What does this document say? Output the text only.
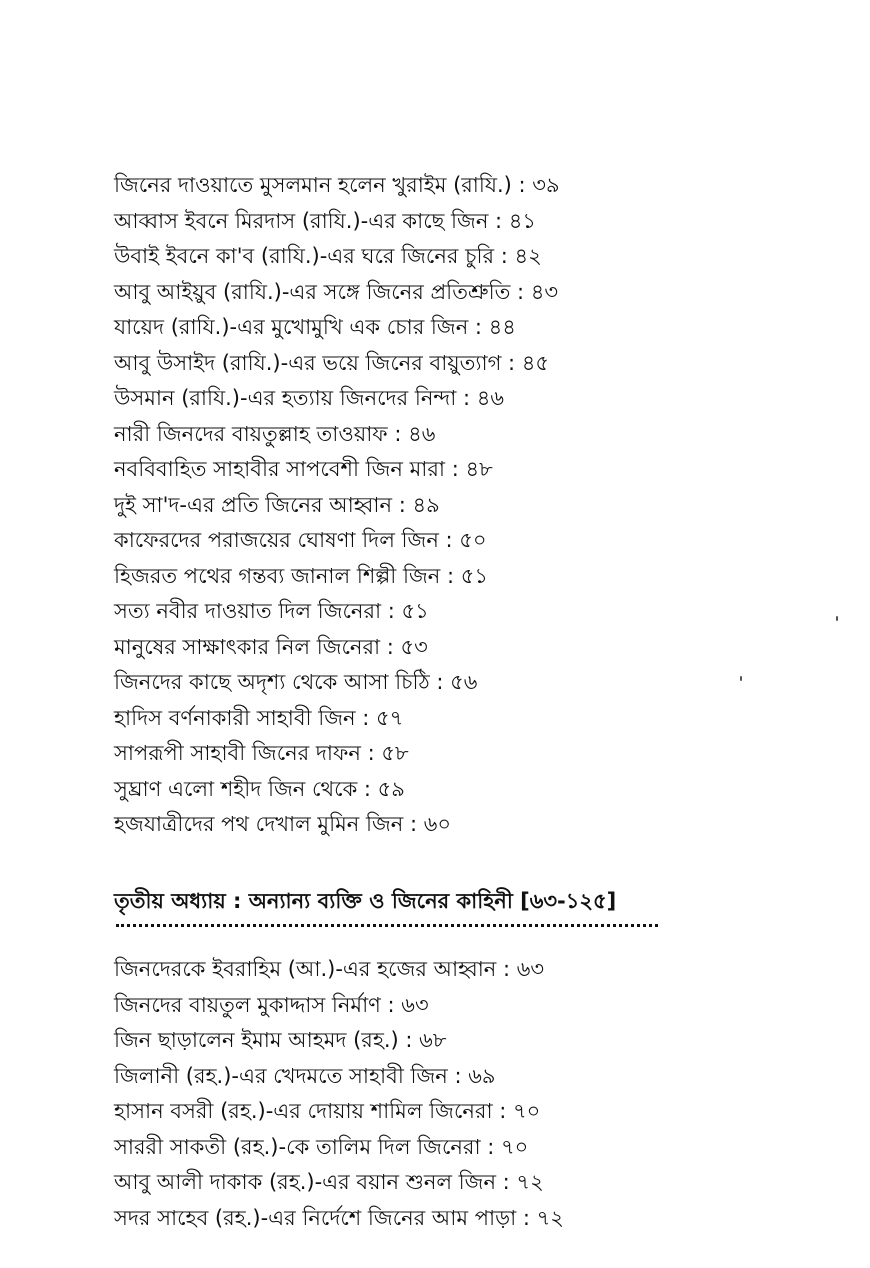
জিনের দাওয়াতে মুসলমান হলেন খুরাইম (রাযি.) : ৩৯
আব্বাস ইবনে মিরদাস (রাযি.)-এর কাছে জিন : ৪১
উবাই ইবনে কা'ব (রাযি.)-এর ঘরে জিনের চুরি : ৪২
আবু আইয়ুব (রাযি.)-এর সঙ্গে জিনের প্রতিশ্রুতি : ৪৩
যায়েদ (রাযি.)-এর মুখোমুখি এক চোর জিন : ৪৪
আবু উসাইদ (রাযি.)-এর ভয়ে জিনের বায়ুত্যাগ : ৪৫
উসমান (রাযি.)-এর হত্যায় জিনদের নিন্দা : ৪৬
নারী জিনদের বায়তুল্লাহ তাওয়াফ : ৪৬
নববিবাহিত সাহাবীর সাপবেশী জিন মারা : ৪৮
দুই সা'দ-এর প্রতি জিনের আহ্বান : ৪৯
কাফেরদের পরাজয়ের ঘোষণা দিল জিন : ৫০
হিজরত পথের গন্তব্য জানাল শিল্পী জিন : ৫১
সত্য নবীর দাওয়াত দিল জিনেরা : ৫১
মানুষের সাক্ষাৎকার নিল জিনেরা : ৫৩
জিনদের কাছে অদৃশ্য থেকে আসা চিঠি : ৫৬
হাদিস বর্ণনাকারী সাহাবী জিন : ৫৭
সাপরূপী সাহাবী জিনের দাফন : ৫৮
সুঘ্রাণ এলো শহীদ জিন থেকে : ৫৯
হজযাত্রীদের পথ দেখাল মুমিন জিন : ৬০
তৃতীয় অধ্যায় : অন্যান্য ব্যক্তি ও জিনের কাহিনী [৬৩-১২৫]
জিনদেরকে ইবরাহিম (আ.)-এর হজের আহ্বান : ৬৩
জিনদের বায়তুল মুকাদ্দাস নির্মাণ : ৬৩
জিন ছাড়ালেন ইমাম আহমদ (রহ.) : ৬৮
জিলানী (রহ.)-এর খেদমতে সাহাবী জিন : ৬৯
হাসান বসরী (রহ.)-এর দোয়ায় শামিল জিনেরা : ৭০
সাররী সাকতী (রহ.)-কে তালিম দিল জিনেরা : ৭০
আবু আলী দাকাক (রহ.)-এর বয়ান শুনল জিন : ৭২
সদর সাহেব (রহ.)-এর নির্দেশে জিনের আম পাড়া : ৭২
